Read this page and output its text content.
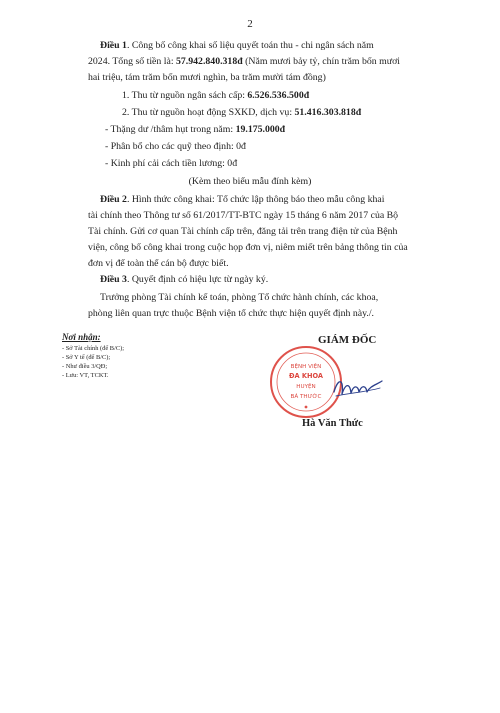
2
Điều 1. Công bố công khai số liệu quyết toán thu - chi ngân sách năm
2024. Tổng số tiền là: 57.942.840.318đ (Năm mươi bảy tỷ, chín trăm bốn mươi
hai triệu, tám trăm bốn mươi nghìn, ba trăm mười tám đồng)
1. Thu từ nguồn ngân sách cấp: 6.526.536.500đ
2. Thu từ nguồn hoạt động SXKD, dịch vụ: 51.416.303.818đ
- Thặng dư /thâm hụt trong năm: 19.175.000đ
- Phân bổ cho các quỹ theo định: 0đ
- Kinh phí cải cách tiền lương: 0đ
(Kèm theo biểu mẫu đính kèm)
Điều 2. Hình thức công khai: Tổ chức lập thông báo theo mẫu công khai
tài chính theo Thông tư số 61/2017/TT-BTC ngày 15 tháng 6 năm 2017 của Bộ
Tài chính. Gửi cơ quan Tài chính cấp trên, đăng tải trên trang điện tử của Bệnh
viện, công bố công khai trong cuộc họp đơn vị, niêm miết trên bảng thông tin của
đơn vị để toàn thể cán bộ được biết.
Điều 3. Quyết định có hiệu lực từ ngày ký.
Trưởng phòng Tài chính kế toán, phòng Tổ chức hành chính, các khoa,
phòng liên quan trực thuộc Bệnh viện tổ chức thực hiện quyết định này./.
Nơi nhận:
- Sở Tài chính (để B/C);
- Sở Y tế (để B/C);
- Như điều 3/QĐ;
- Lưu: VT, TCKT.
GIÁM ĐỐC
BỆNH VIỆN
ĐA KHOA
HUYỆN
BÁ THƯỚC
Hà Văn Thức
